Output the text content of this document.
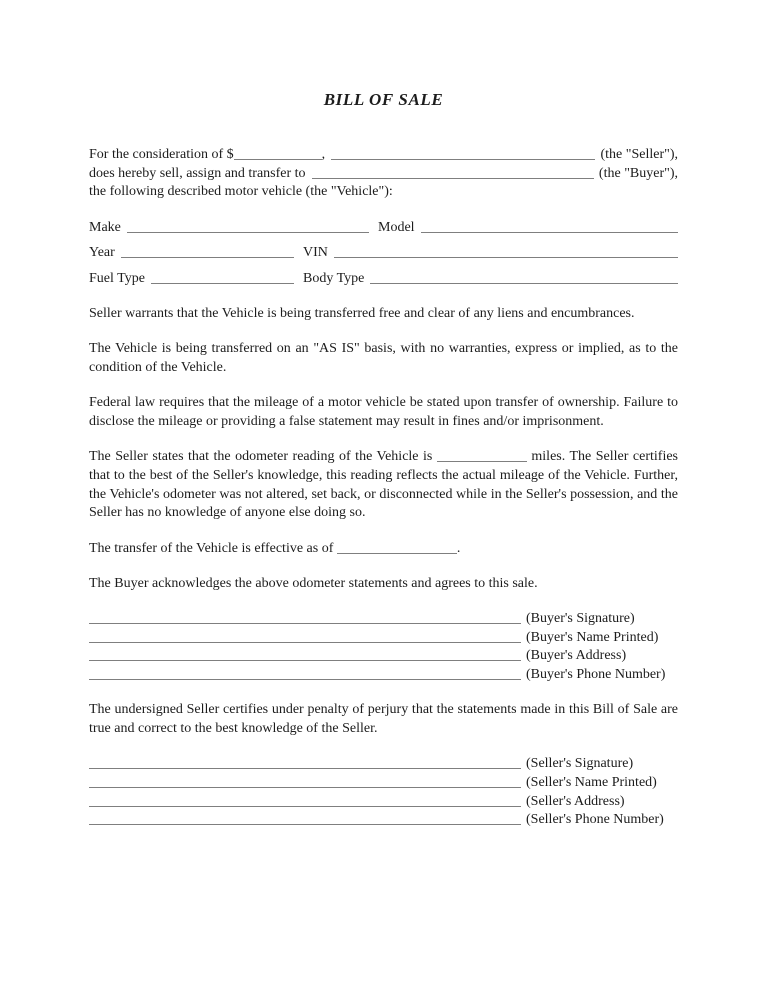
BILL OF SALE
For the consideration of $	,	(the "Seller"),
does hereby sell, assign and transfer to	(the "Buyer"),
the following described motor vehicle (the "Vehicle"):
Make	Model
Year	VIN
Fuel Type	Body Type

Seller warrants that the Vehicle is being transferred free and clear of any liens and encumbrances.

The Vehicle is being transferred on an "AS IS" basis, with no warranties, express or implied, as to the condition of the Vehicle.

Federal law requires that the mileage of a motor vehicle be stated upon transfer of ownership. Failure to disclose the mileage or providing a false statement may result in fines and/or imprisonment.

The Seller states that the odometer reading of the Vehicle is	miles. The Seller certifies that to the best of the Seller's knowledge, this reading reflects the actual mileage of the Vehicle. Further, the Vehicle's odometer was not altered, set back, or disconnected while in the Seller's possession, and the Seller has no knowledge of anyone else doing so.

The transfer of the Vehicle is effective as of	.

The Buyer acknowledges the above odometer statements and agrees to this sale.

(Buyer's Signature)
(Buyer's Name Printed)
(Buyer's Address)
(Buyer's Phone Number)

The undersigned Seller certifies under penalty of perjury that the statements made in this Bill of Sale are true and correct to the best knowledge of the Seller.

(Seller's Signature)
(Seller's Name Printed)
(Seller's Address)
(Seller's Phone Number)
